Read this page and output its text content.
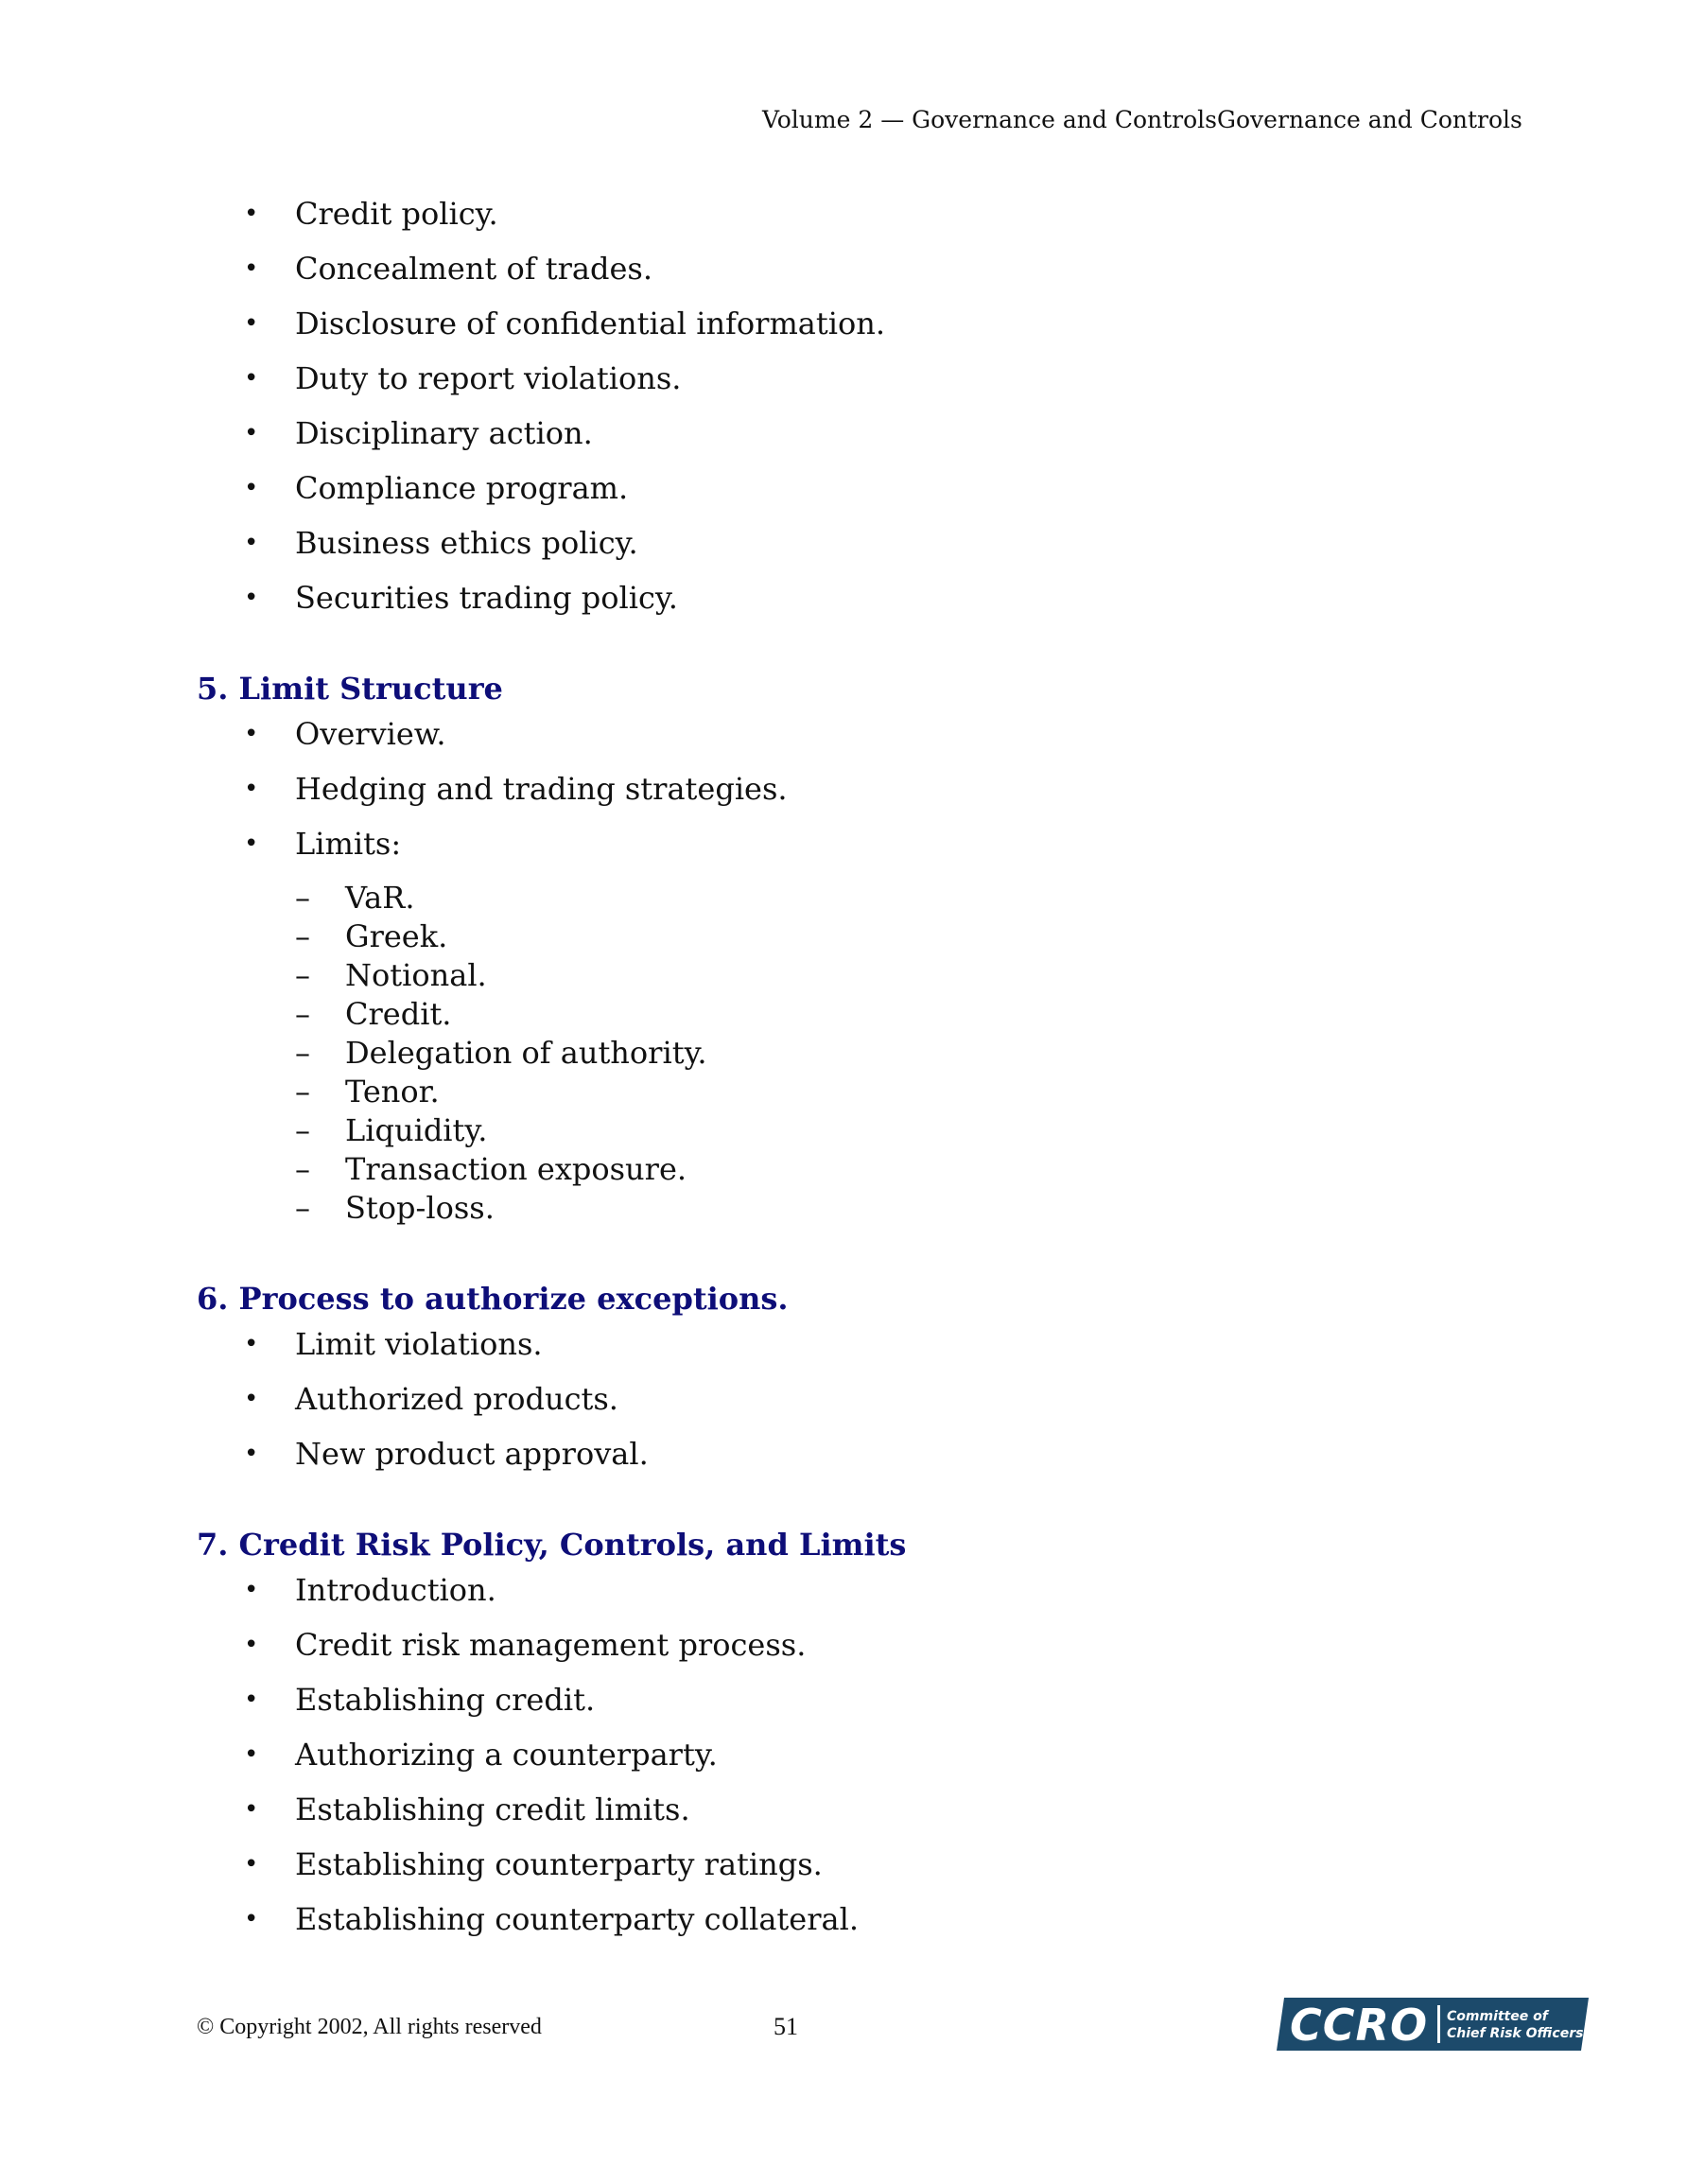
Volume 2 — Governance and ControlsGovernance and Controls
• Credit policy.
• Concealment of trades.
• Disclosure of confidential information.
• Duty to report violations.
• Disciplinary action.
• Compliance program.
• Business ethics policy.
• Securities trading policy.
5. Limit Structure
• Overview.
• Hedging and trading strategies.
• Limits:
– VaR.
– Greek.
– Notional.
– Credit.
– Delegation of authority.
– Tenor.
– Liquidity.
– Transaction exposure.
– Stop-loss.
6. Process to authorize exceptions.
• Limit violations.
• Authorized products.
• New product approval.
7. Credit Risk Policy, Controls, and Limits
• Introduction.
• Credit risk management process.
• Establishing credit.
• Authorizing a counterparty.
• Establishing credit limits.
• Establishing counterparty ratings.
• Establishing counterparty collateral.
© Copyright 2002, All rights reserved	51	CCRO Committee of
Chief Risk Officers
